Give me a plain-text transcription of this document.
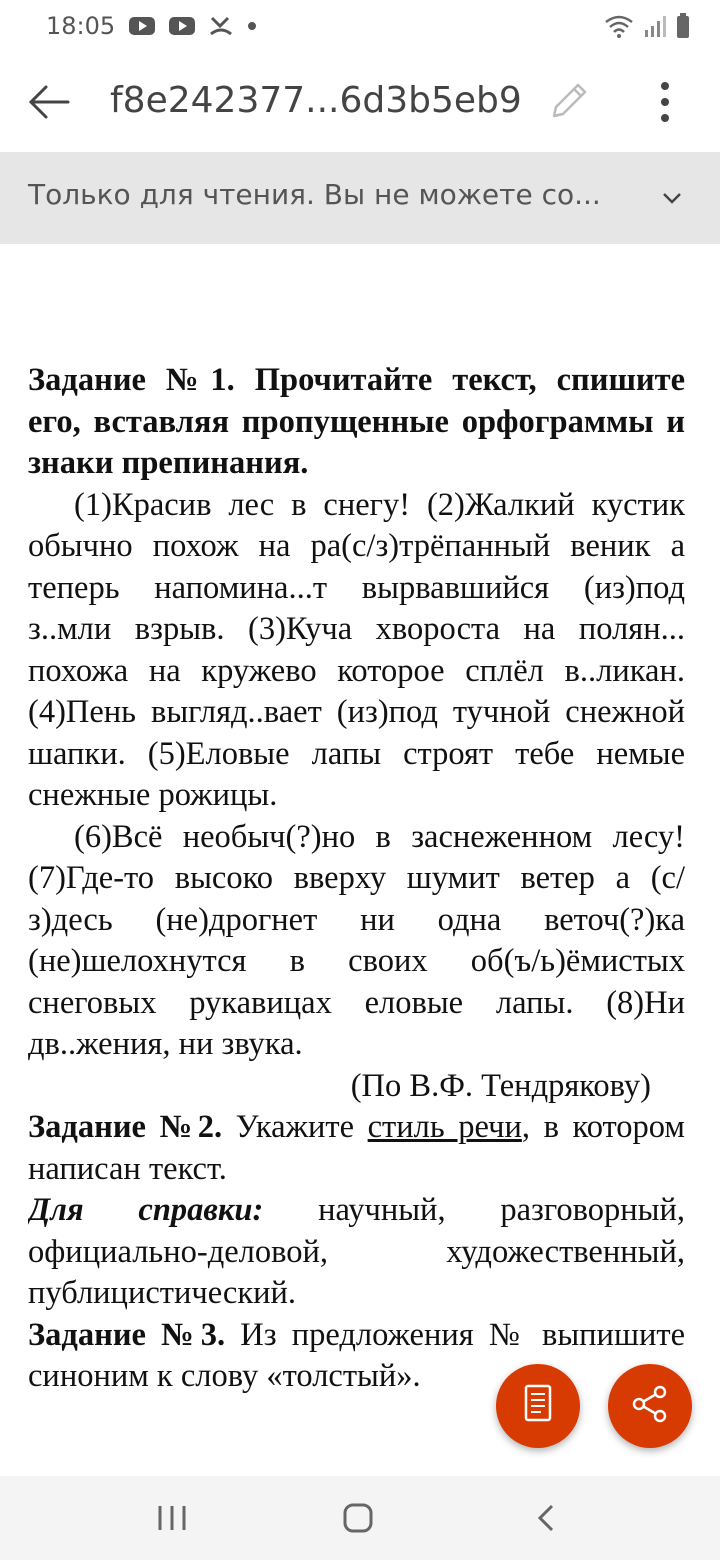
18:05
f8e242377...6d3b5eb9
Только для чтения. Вы не можете со...

Задание №1. Прочитайте текст, спишите его, вставляя пропущенные орфограммы и знаки препинания.

(1)Красив лес в снегу! (2)Жалкий кустик обычно похож на ра(с/з)трёпанный веник а теперь напомина...т вырвавшийся (из)под з..мли взрыв. (3)Куча хвороста на полян... похожа на кружево которое сплёл в..ликан. (4)Пень выгляд..вает (из)под тучной снежной шапки. (5)Еловые лапы строят тебе немые снежные рожицы.

(6)Всё необыч(?)но в заснеженном лесу! (7)Где-то высоко вверху шумит ветер а (с/з)десь (не)дрогнет ни одна веточ(?)ка (не)шелохнутся в своих об(ъ/ь)ёмистых снеговых рукавицах еловые лапы. (8)Ни дв..жения, ни звука.

(По В.Ф. Тендрякову)

Задание №2. Укажите стиль речи, в котором написан текст.

Для справки: научный, разговорный, официально-деловой, художественный, публицистический.

Задание №3. Из предложения № выпишите синоним к слову «толстый».
